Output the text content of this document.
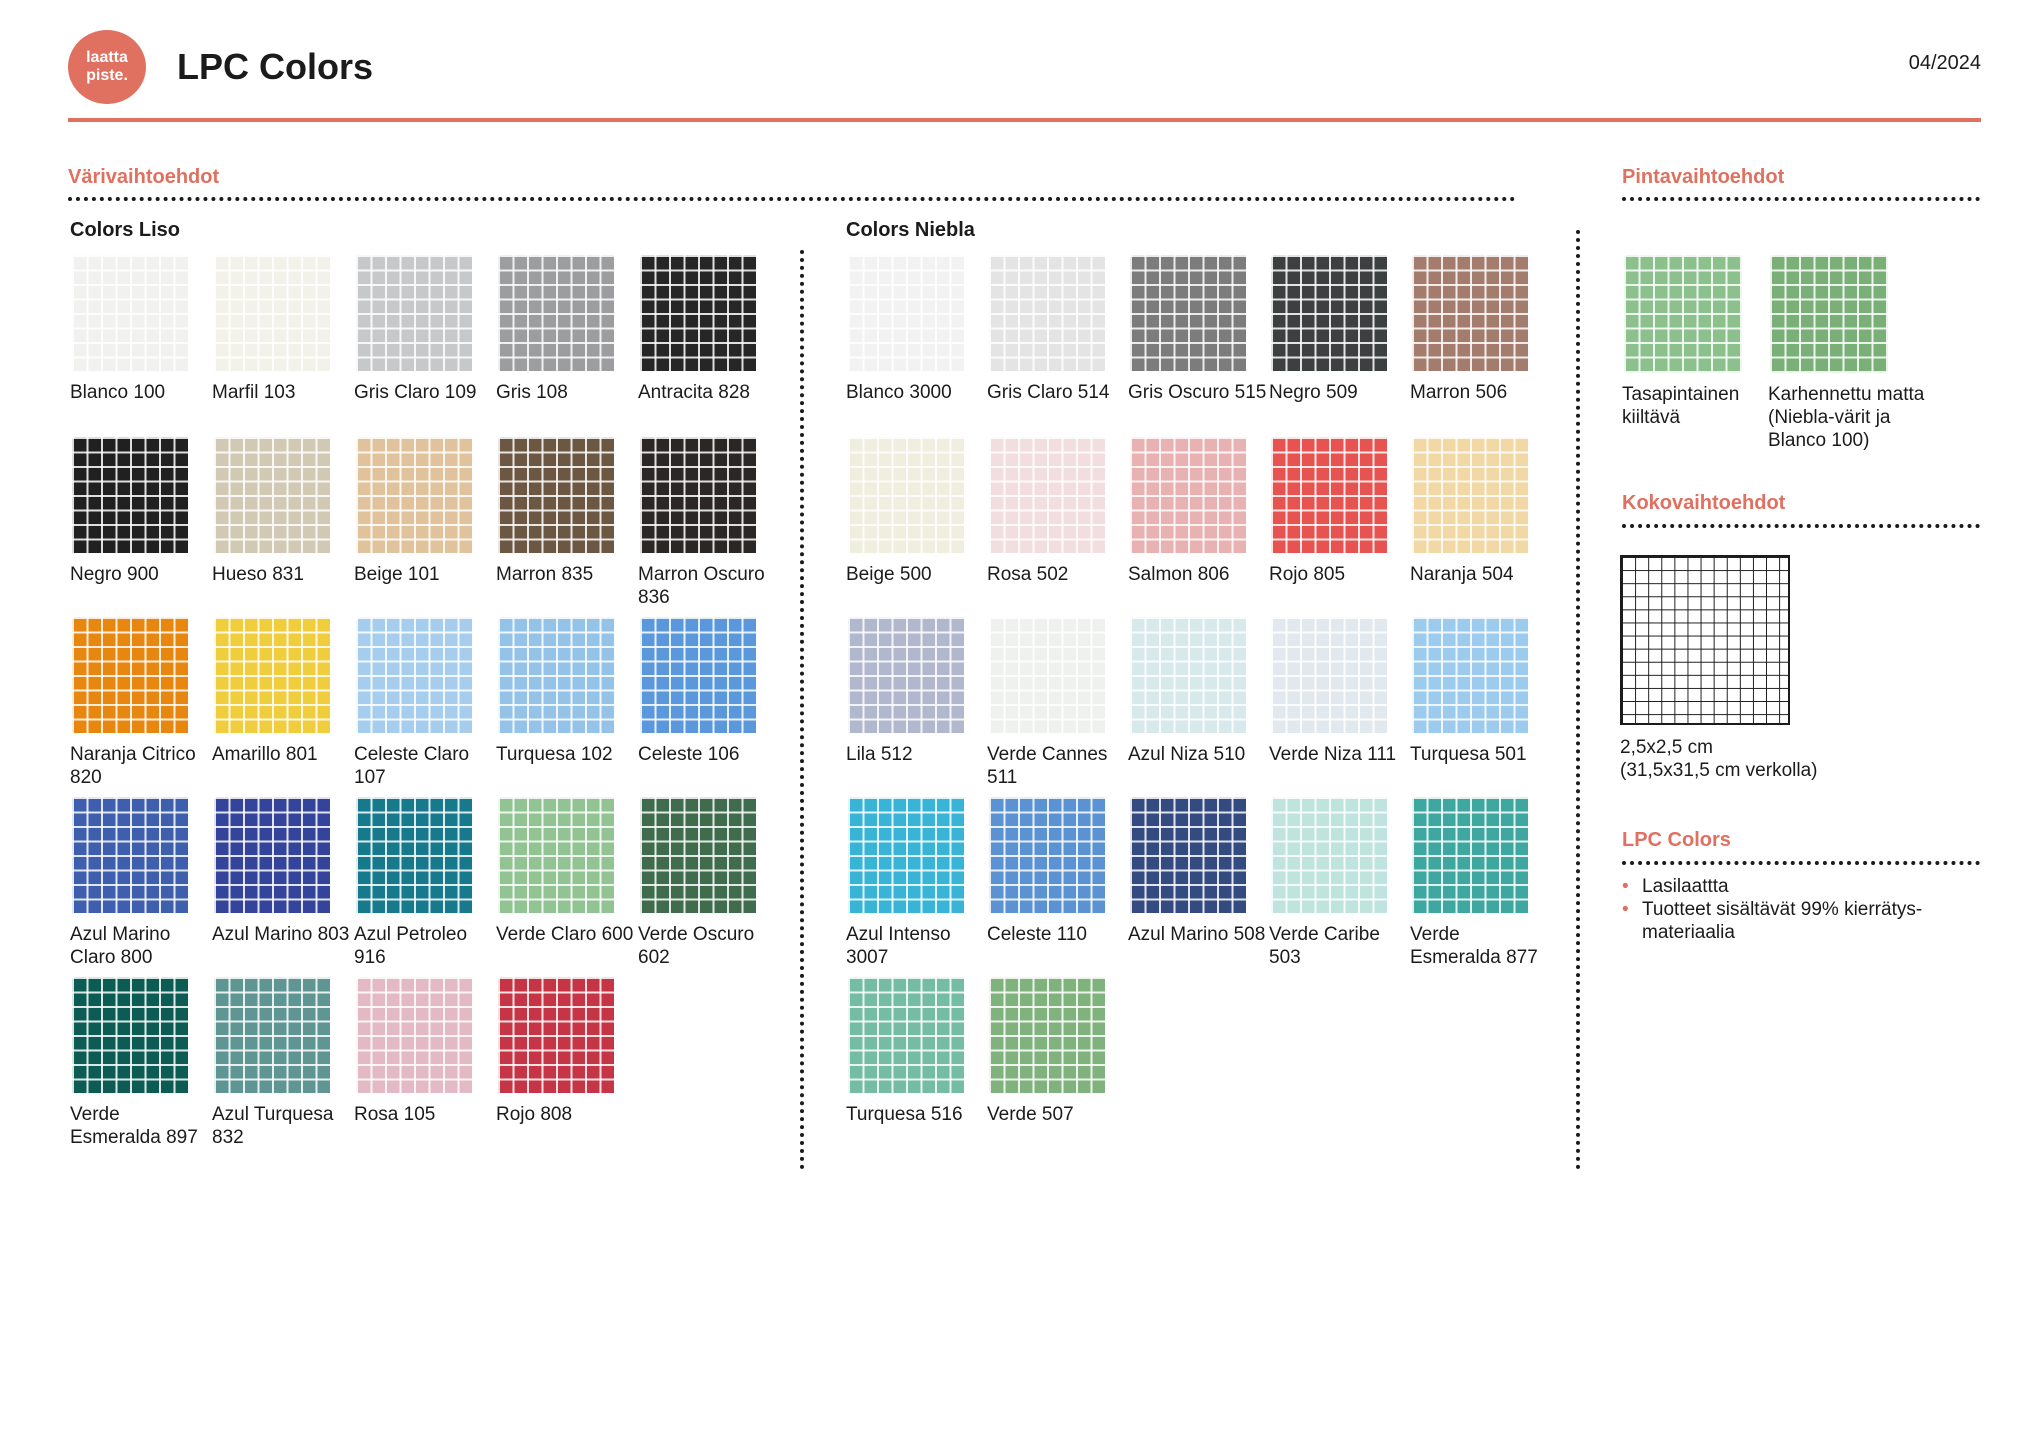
laatta
piste. LPC Colors	04/2024
Värivaihtoehdot	Pintavaihtoehdot
Colors Liso	Colors Niebla
Blanco 100	Marfil 103	Gris Claro 109	Gris 108	Antracita 828
Negro 900	Hueso 831	Beige 101	Marron 835	Marron Oscuro 836
Naranja Citrico 820
Amarillo 801	Celeste Claro 107
Turquesa 102	Celeste 106
Azul Marino Claro 800
Azul Marino 803 Azul Petroleo 916
Verde Claro 600 Verde Oscuro 602
Verde Esmeralda 897
Azul Turquesa 832
Rosa 105	Rojo 808
Blanco 3000	Gris Claro 514 Gris Oscuro 515 Negro 509	Marron 506
Beige 500	Rosa 502	Salmon 806	Rojo 805	Naranja 504
Lila 512	Verde Cannes 511
Azul Niza 510	Verde Niza 111 Turquesa 501
Azul Intenso 3007
Celeste 110	Azul Marino 508 Verde Caribe 503
Verde Esmeralda 877
Turquesa 516	Verde 507
Tasapintainen kiiltävä
Karhennettu matta (Niebla-värit ja Blanco 100)
Kokovaihtoehdot
2,5x2,5 cm
(31,5x31,5 cm verkolla)
LPC Colors
• Lasilaattta
• Tuotteet sisältävät 99% kierrätys-materiaalia
